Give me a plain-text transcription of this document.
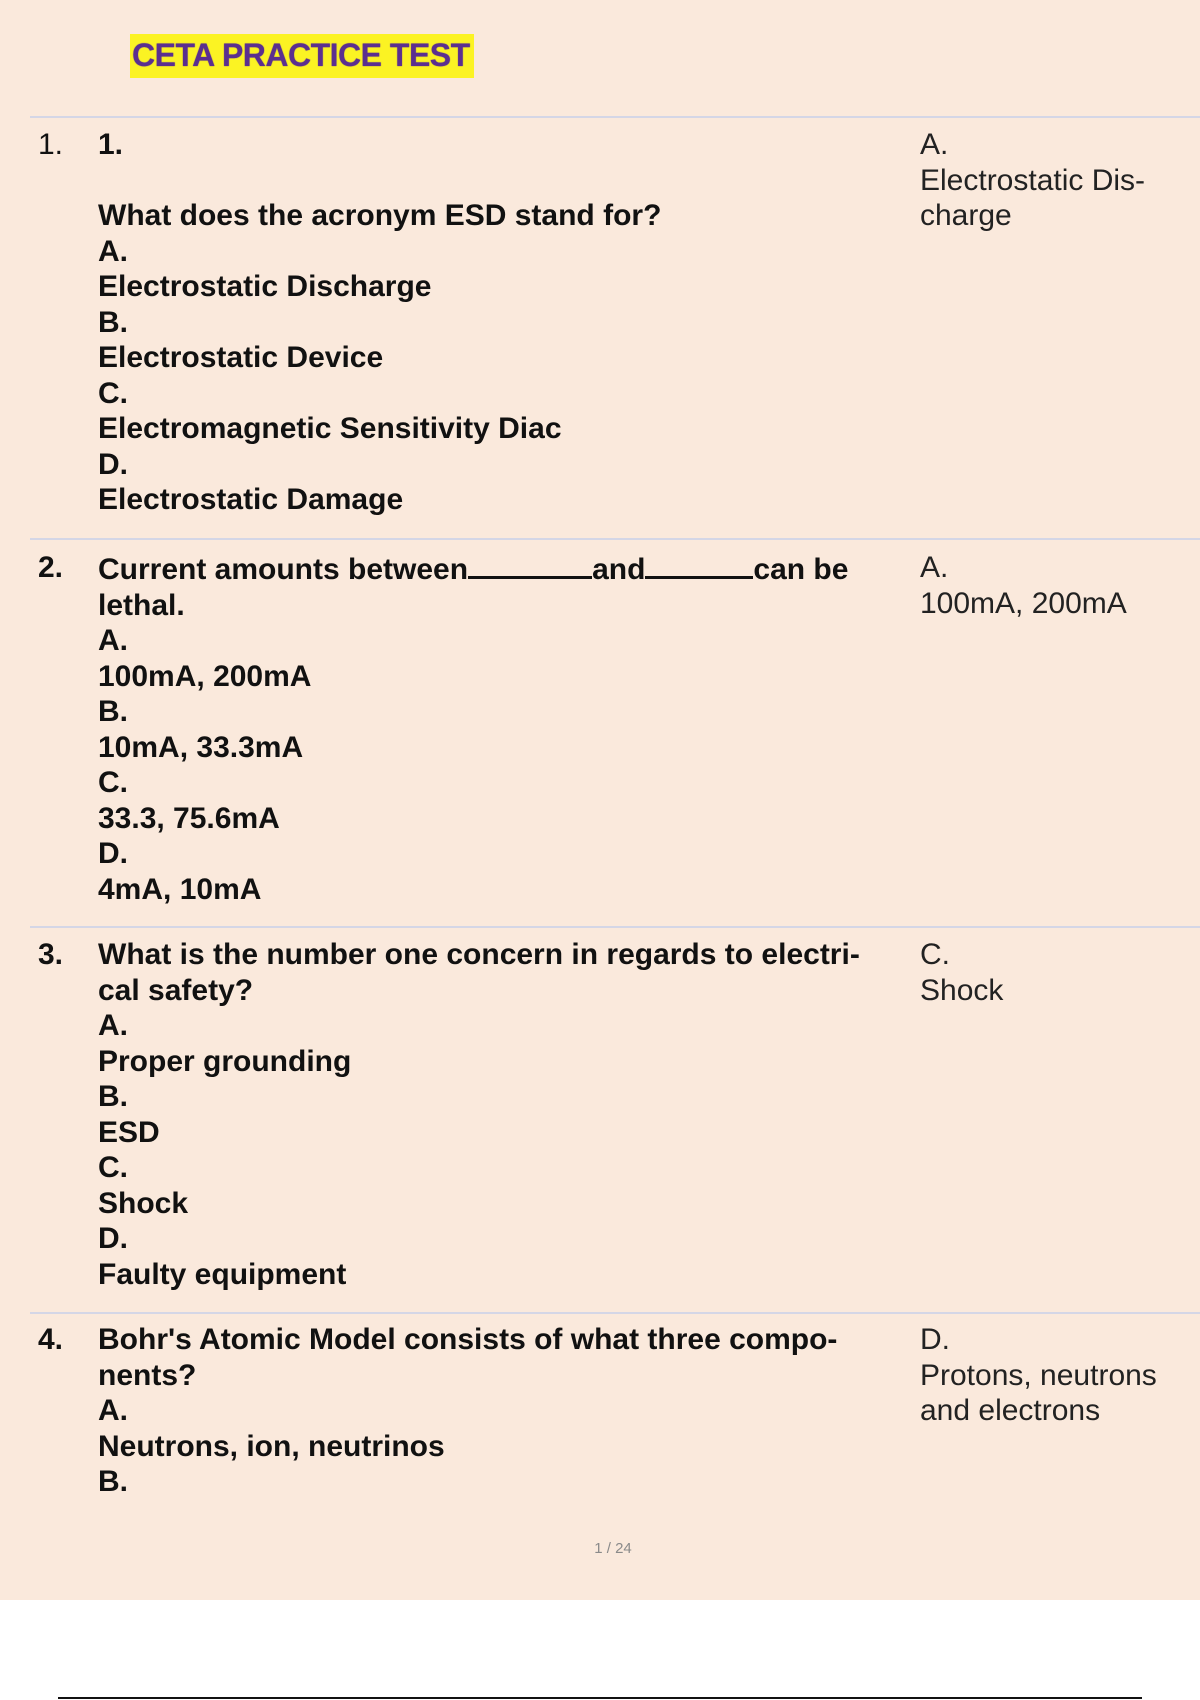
CETA PRACTICE TEST
1. 1.
What does the acronym ESD stand for?
A.
Electrostatic Discharge
B.
Electrostatic Device
C.
Electromagnetic Sensitivity Diac
D.
Electrostatic Damage
A.
Electrostatic Dis-
charge
2. Current amounts between	and	can be
lethal.
A.
100mA, 200mA
B.
10mA, 33.3mA
C.
33.3, 75.6mA
D.
4mA, 10mA
A.
100mA, 200mA
3. What is the number one concern in regards to electri-
cal safety?
A.
Proper grounding
B.
ESD
C.
Shock
D.
Faulty equipment
C.
Shock
4. Bohr's Atomic Model consists of what three compo-
nents?
A.
Neutrons, ion, neutrinos
B.
D.
Protons, neutrons
and electrons
1 / 24
